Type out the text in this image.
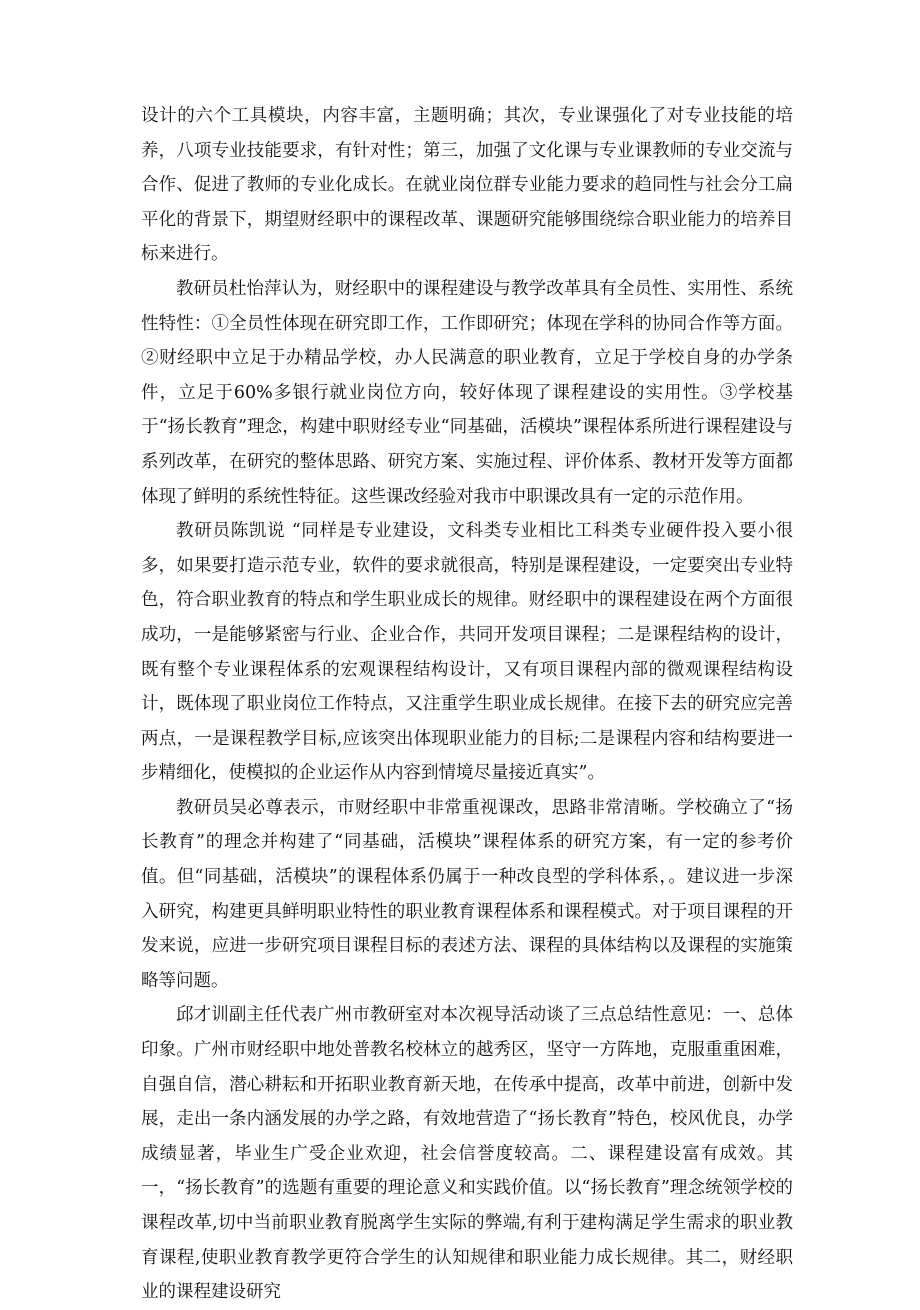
设计的六个工具模块，内容丰富，主题明确；其次，专业课强化了对专业技能的培养，八项专业技能要求，有针对性；第三，加强了文化课与专业课教师的专业交流与合作、促进了教师的专业化成长。在就业岗位群专业能力要求的趋同性与社会分工扁平化的背景下，期望财经职中的课程改革、课题研究能够围绕综合职业能力的培养目标来进行。

教研员杜怡萍认为，财经职中的课程建设与教学改革具有全员性、实用性、系统性特性：①全员性体现在研究即工作，工作即研究；体现在学科的协同合作等方面。②财经职中立足于办精品学校，办人民满意的职业教育，立足于学校自身的办学条件，立足于60%多银行就业岗位方向，较好体现了课程建设的实用性。③学校基于“扬长教育”理念，构建中职财经专业“同基础，活模块”课程体系所进行课程建设与系列改革，在研究的整体思路、研究方案、实施过程、评价体系、教材开发等方面都体现了鲜明的系统性特征。这些课改经验对我市中职课改具有一定的示范作用。

教研员陈凯说 “同样是专业建设，文科类专业相比工科类专业硬件投入要小很多，如果要打造示范专业，软件的要求就很高，特别是课程建设，一定要突出专业特色，符合职业教育的特点和学生职业成长的规律。财经职中的课程建设在两个方面很成功，一是能够紧密与行业、企业合作，共同开发项目课程；二是课程结构的设计，既有整个专业课程体系的宏观课程结构设计，又有项目课程内部的微观课程结构设计，既体现了职业岗位工作特点，又注重学生职业成长规律。在接下去的研究应完善两点，一是课程教学目标,应该突出体现职业能力的目标;二是课程内容和结构要进一步精细化，使模拟的企业运作从内容到情境尽量接近真实”。

教研员吴必尊表示，市财经职中非常重视课改，思路非常清晰。学校确立了“扬长教育”的理念并构建了“同基础，活模块”课程体系的研究方案，有一定的参考价值。但“同基础，活模块”的课程体系仍属于一种改良型的学科体系，。建议进一步深入研究，构建更具鲜明职业特性的职业教育课程体系和课程模式。对于项目课程的开发来说，应进一步研究项目课程目标的表述方法、课程的具体结构以及课程的实施策略等问题。

邱才训副主任代表广州市教研室对本次视导活动谈了三点总结性意见：一、总体印象。广州市财经职中地处普教名校林立的越秀区，坚守一方阵地，克服重重困难，自强自信，潜心耕耘和开拓职业教育新天地，在传承中提高，改革中前进，创新中发展，走出一条内涵发展的办学之路，有效地营造了“扬长教育”特色，校风优良，办学成绩显著，毕业生广受企业欢迎，社会信誉度较高。二、课程建设富有成效。其一，“扬长教育”的选题有重要的理论意义和实践价值。以“扬长教育”理念统领学校的课程改革,切中当前职业教育脱离学生实际的弊端,有利于建构满足学生需求的职业教育课程,使职业教育教学更符合学生的认知规律和职业能力成长规律。其二，财经职业的课程建设研究
